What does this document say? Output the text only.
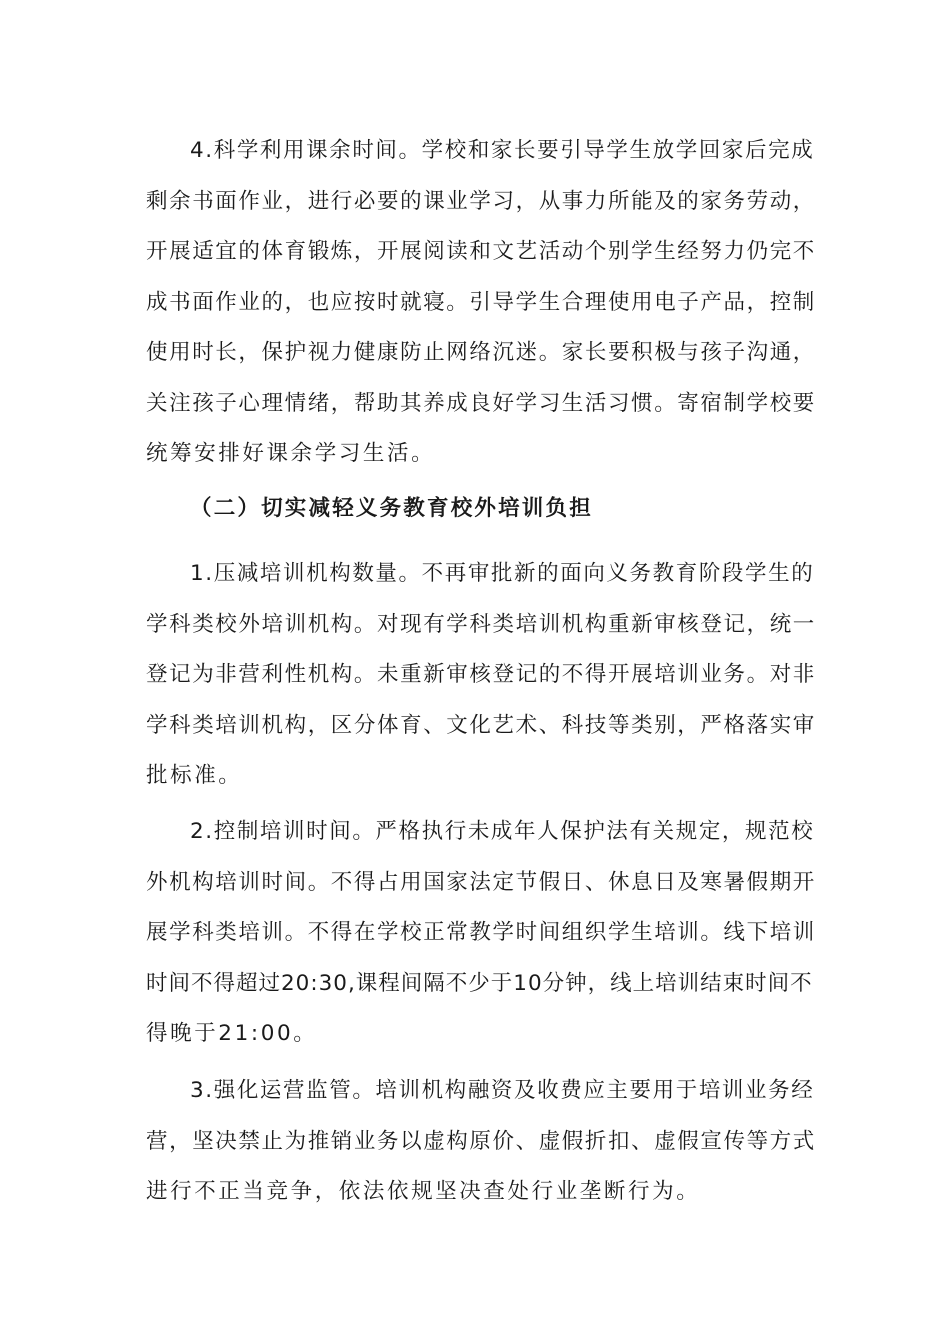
4.科学利用课余时间。学校和家长要引导学生放学回家后完成
剩余书面作业，进行必要的课业学习，从事力所能及的家务劳动，
开展适宜的体育锻炼，开展阅读和文艺活动个别学生经努力仍完不
成书面作业的，也应按时就寝。引导学生合理使用电子产品，控制
使用时长，保护视力健康防止网络沉迷。家长要积极与孩子沟通，
关注孩子心理情绪，帮助其养成良好学习生活习惯。寄宿制学校要
统筹安排好课余学习生活。
（二）切实减轻义务教育校外培训负担
1.压减培训机构数量。不再审批新的面向义务教育阶段学生的
学科类校外培训机构。对现有学科类培训机构重新审核登记，统一
登记为非营利性机构。未重新审核登记的不得开展培训业务。对非
学科类培训机构，区分体育、文化艺术、科技等类别，严格落实审
批标准。
2.控制培训时间。严格执行未成年人保护法有关规定，规范校
外机构培训时间。不得占用国家法定节假日、休息日及寒暑假期开
展学科类培训。不得在学校正常教学时间组织学生培训。线下培训
时间不得超过20:30,课程间隔不少于10分钟，线上培训结束时间不
得晚于21:00。
3.强化运营监管。培训机构融资及收费应主要用于培训业务经
营，坚决禁止为推销业务以虚构原价、虚假折扣、虚假宣传等方式
进行不正当竞争，依法依规坚决查处行业垄断行为。
